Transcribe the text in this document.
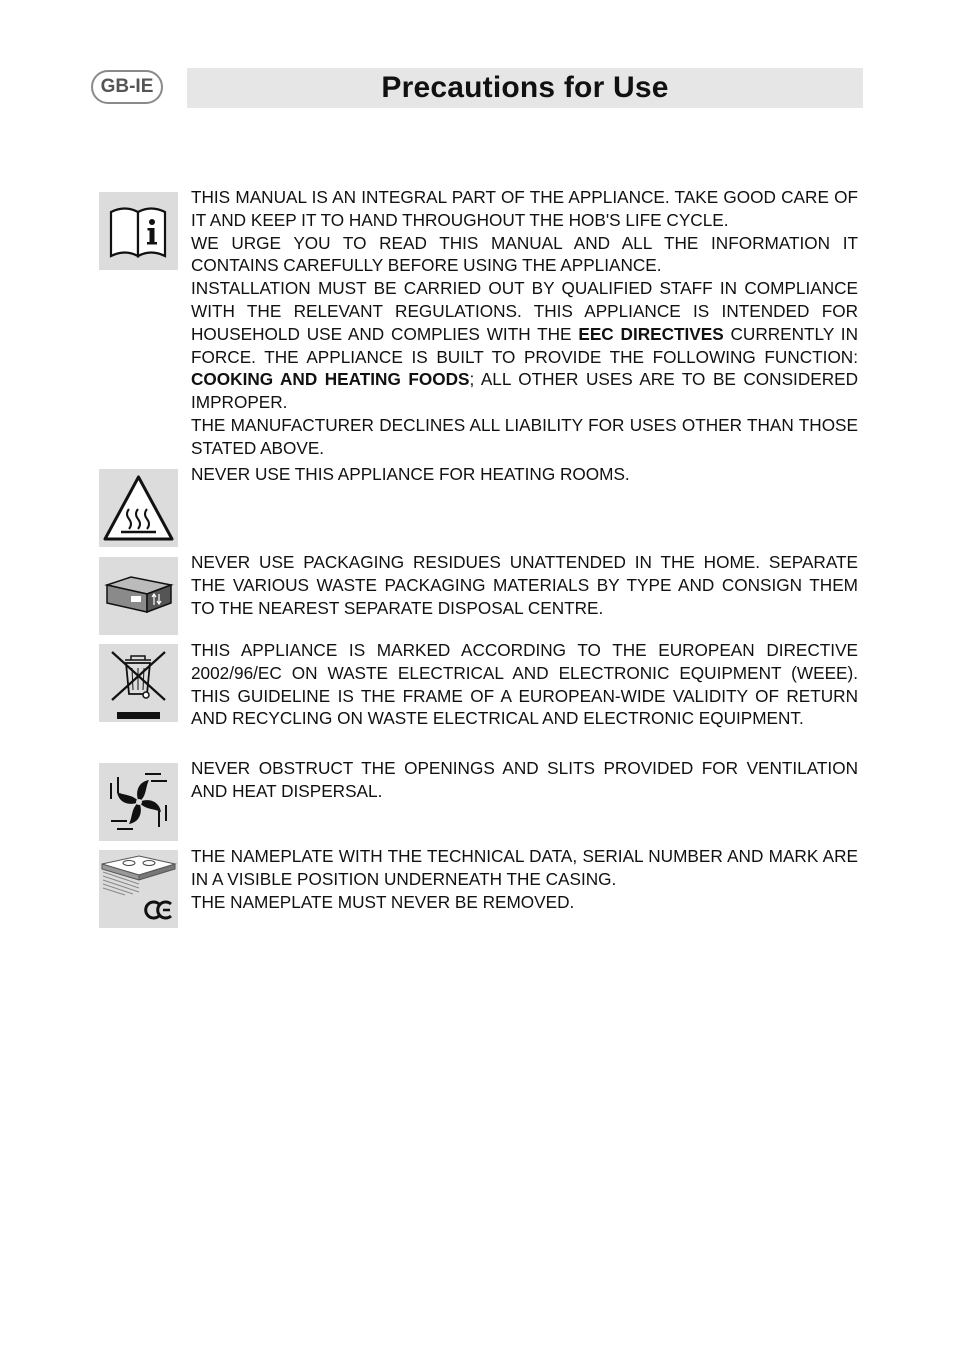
GB-IE	Precautions for Use

THIS MANUAL IS AN INTEGRAL PART OF THE APPLIANCE. TAKE GOOD CARE OF IT AND KEEP IT TO HAND THROUGHOUT THE HOB'S LIFE CYCLE.

WE URGE YOU TO READ THIS MANUAL AND ALL THE INFORMATION IT CONTAINS CAREFULLY BEFORE USING THE APPLIANCE.

INSTALLATION MUST BE CARRIED OUT BY QUALIFIED STAFF IN COMPLIANCE WITH THE RELEVANT REGULATIONS. THIS APPLIANCE IS INTENDED FOR HOUSEHOLD USE AND COMPLIES WITH THE EEC DIRECTIVES CURRENTLY IN FORCE. THE APPLIANCE IS BUILT TO PROVIDE THE FOLLOWING FUNCTION: COOKING AND HEATING FOODS; ALL OTHER USES ARE TO BE CONSIDERED IMPROPER.

THE MANUFACTURER DECLINES ALL LIABILITY FOR USES OTHER THAN THOSE STATED ABOVE.

NEVER USE THIS APPLIANCE FOR HEATING ROOMS.

NEVER USE PACKAGING RESIDUES UNATTENDED IN THE HOME. SEPARATE THE VARIOUS WASTE PACKAGING MATERIALS BY TYPE AND CONSIGN THEM TO THE NEAREST SEPARATE DISPOSAL CENTRE.

THIS APPLIANCE IS MARKED ACCORDING TO THE EUROPEAN DIRECTIVE 2002/96/EC ON WASTE ELECTRICAL AND ELECTRONIC EQUIPMENT (WEEE). THIS GUIDELINE IS THE FRAME OF A EUROPEAN-WIDE VALIDITY OF RETURN AND RECYCLING ON WASTE ELECTRICAL AND ELECTRONIC EQUIPMENT.

NEVER OBSTRUCT THE OPENINGS AND SLITS PROVIDED FOR VENTILATION AND HEAT DISPERSAL.

THE NAMEPLATE WITH THE TECHNICAL DATA, SERIAL NUMBER AND MARK ARE IN A VISIBLE POSITION UNDERNEATH THE CASING.

THE NAMEPLATE MUST NEVER BE REMOVED.
